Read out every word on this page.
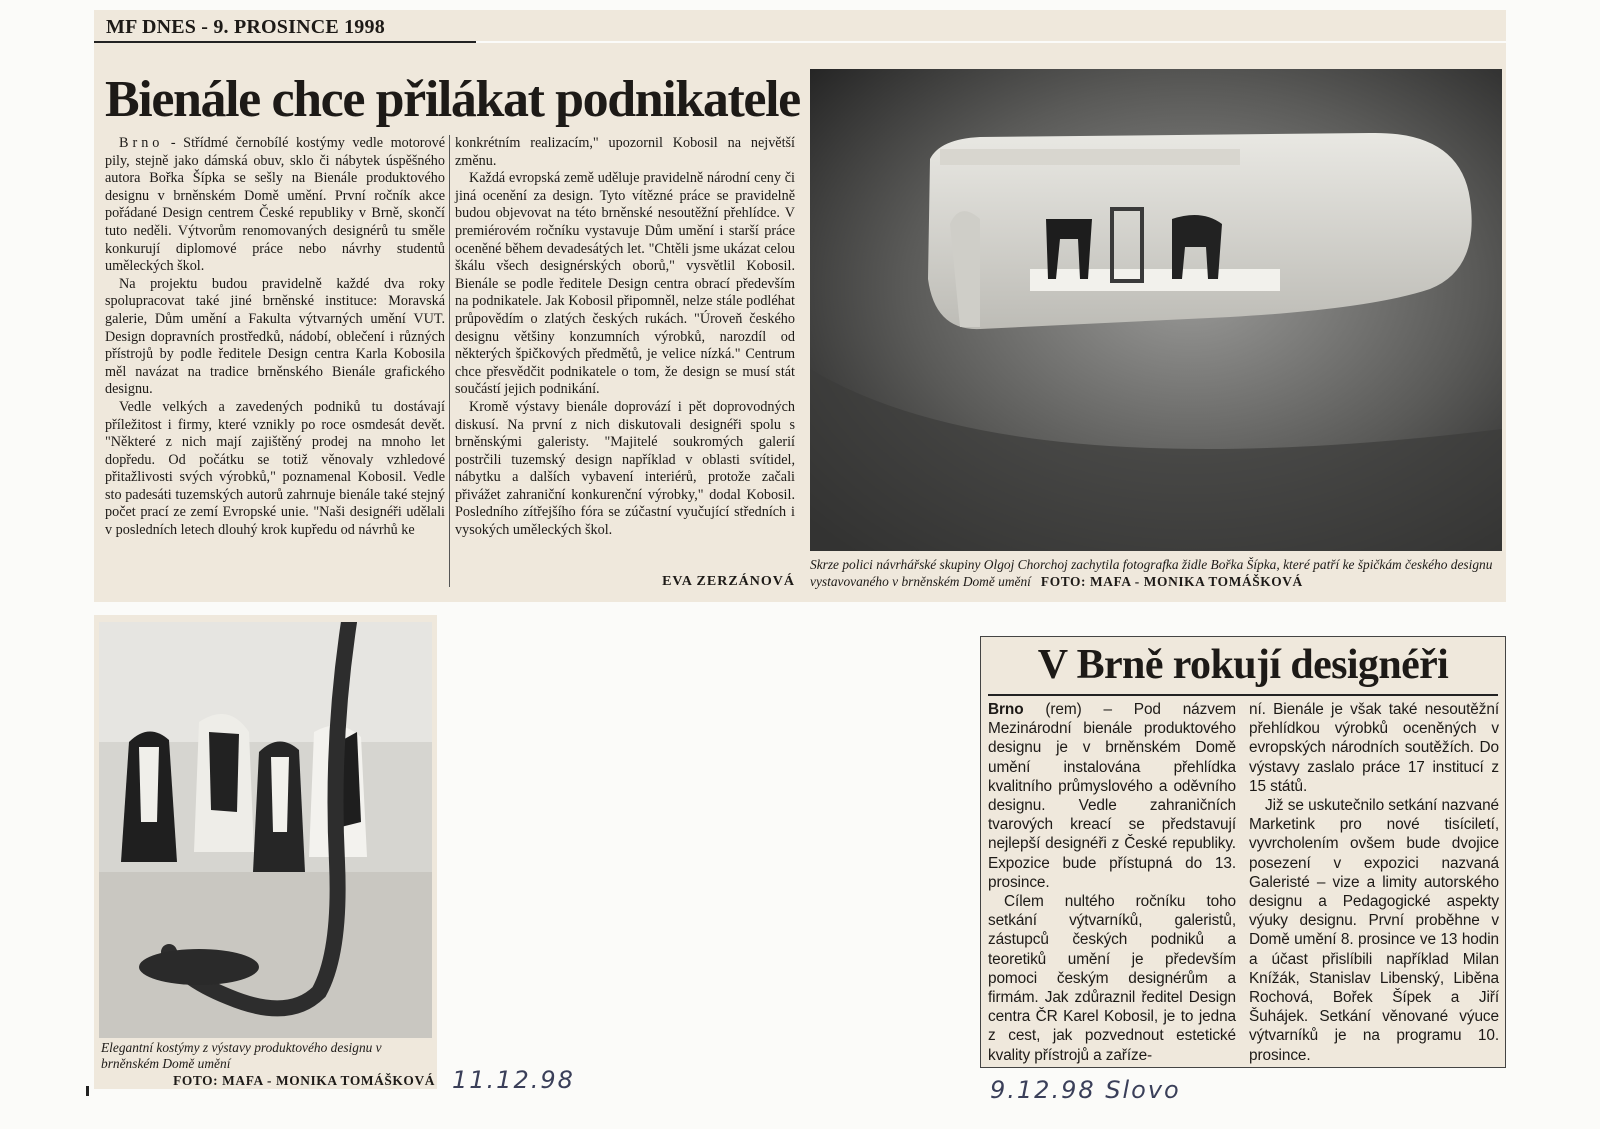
MF DNES - 9. PROSINCE 1998
Bienále chce přilákat podnikatele

Brno - Střídmé černobílé kostýmy vedle motorové pily, stejně jako dámská obuv, sklo či nábytek úspěšného autora Bořka Šípka se sešly na Bienále produktového designu v brněnském Domě umění. První ročník akce pořádané Design centrem České republiky v Brně, skončí tuto neděli. Výtvorům renomovaných designérů tu směle konkurují diplomové práce nebo návrhy studentů uměleckých škol.

Na projektu budou pravidelně každé dva roky spolupracovat také jiné brněnské instituce: Moravská galerie, Dům umění a Fakulta výtvarných umění VUT. Design dopravních prostředků, nádobí, oblečení i různých přístrojů by podle ředitele Design centra Karla Kobosila měl navázat na tradice brněnského Bienále grafického designu.

Vedle velkých a zavedených podniků tu dostávají příležitost i firmy, které vznikly po roce osmdesát devět. "Některé z nich mají zajištěný prodej na mnoho let dopředu. Od počátku se totiž věnovaly vzhledové přitažlivosti svých výrobků," poznamenal Kobosil. Vedle sto padesáti tuzemských autorů zahrnuje bienále také stejný počet prací ze zemí Evropské unie. "Naši designéři udělali v posledních letech dlouhý krok kupředu od návrhů ke

konkrétním realizacím," upozornil Kobosil na největší změnu.

Každá evropská země uděluje pravidelně národní ceny či jiná ocenění za design. Tyto vítězné práce se pravidelně budou objevovat na této brněnské nesoutěžní přehlídce. V premiérovém ročníku vystavuje Dům umění i starší práce oceněné během devadesátých let. "Chtěli jsme ukázat celou škálu všech designérských oborů," vysvětlil Kobosil. Bienále se podle ředitele Design centra obrací především na podnikatele. Jak Kobosil připomněl, nelze stále podléhat průpovědím o zlatých českých rukách. "Úroveň českého designu většiny konzumních výrobků, narozdíl od některých špičkových předmětů, je velice nízká." Centrum chce přesvědčit podnikatele o tom, že design se musí stát součástí jejich podnikání.

Kromě výstavy bienále doprovází i pět doprovodných diskusí. Na první z nich diskutovali designéři spolu s brněnskými galeristy. "Majitelé soukromých galerií postrčili tuzemský design například v oblasti svítidel, nábytku a dalších vybavení interiérů, protože začali přivážet zahraniční konkurenční výrobky," dodal Kobosil. Posledního zítřejšího fóra se zúčastní vyučující středních i vysokých uměleckých škol.

EVA ZERZÁNOVÁ
Skrze polici návrhářské skupiny Olgoj Chorchoj zachytila fotografka židle Bořka Šípka, které patří ke špičkám českého designu vystavovaného v brněnském Domě umění FOTO: MAFA - MONIKA TOMÁŠKOVÁ
Elegantní kostýmy z výstavy produktového designu v brněnském Domě umění
FOTO: MAFA - MONIKA TOMÁŠKOVÁ 11.12.98
V Brně rokují designéři

Brno (rem) – Pod názvem Mezinárodní bienále produktového designu je v brněnském Domě umění instalována přehlídka kvalitního průmyslového a oděvního designu. Vedle zahraničních tvarových kreací se představují nejlepší designéři z České republiky. Expozice bude přístupná do 13. prosince.

Cílem nultého ročníku toho setkání výtvarníků, galeristů, zástupců českých podniků a teoretiků umění je především pomoci českým designérům a firmám. Jak zdůraznil ředitel Design centra ČR Karel Kobosil, je to jedna z cest, jak pozvednout estetické kvality přístrojů a zaříze-

ní. Bienále je však také nesoutěžní přehlídkou výrobků oceněných v evropských národních soutěžích. Do výstavy zaslalo práce 17 institucí z 15 států.

Již se uskutečnilo setkání nazvané Marketink pro nové tisíciletí, vyvrcholením ovšem bude dvojice posezení v expozici nazvaná Galeristé – vize a limity autorského designu a Pedagogické aspekty výuky designu. První proběhne v Domě umění 8. prosince ve 13 hodin a účast přislíbili například Milan Knížák, Stanislav Libenský, Liběna Rochová, Bořek Šípek a Jiří Šuhájek. Setkání věnované výuce výtvarníků je na programu 10. prosince.

9.12.98 Slovo
